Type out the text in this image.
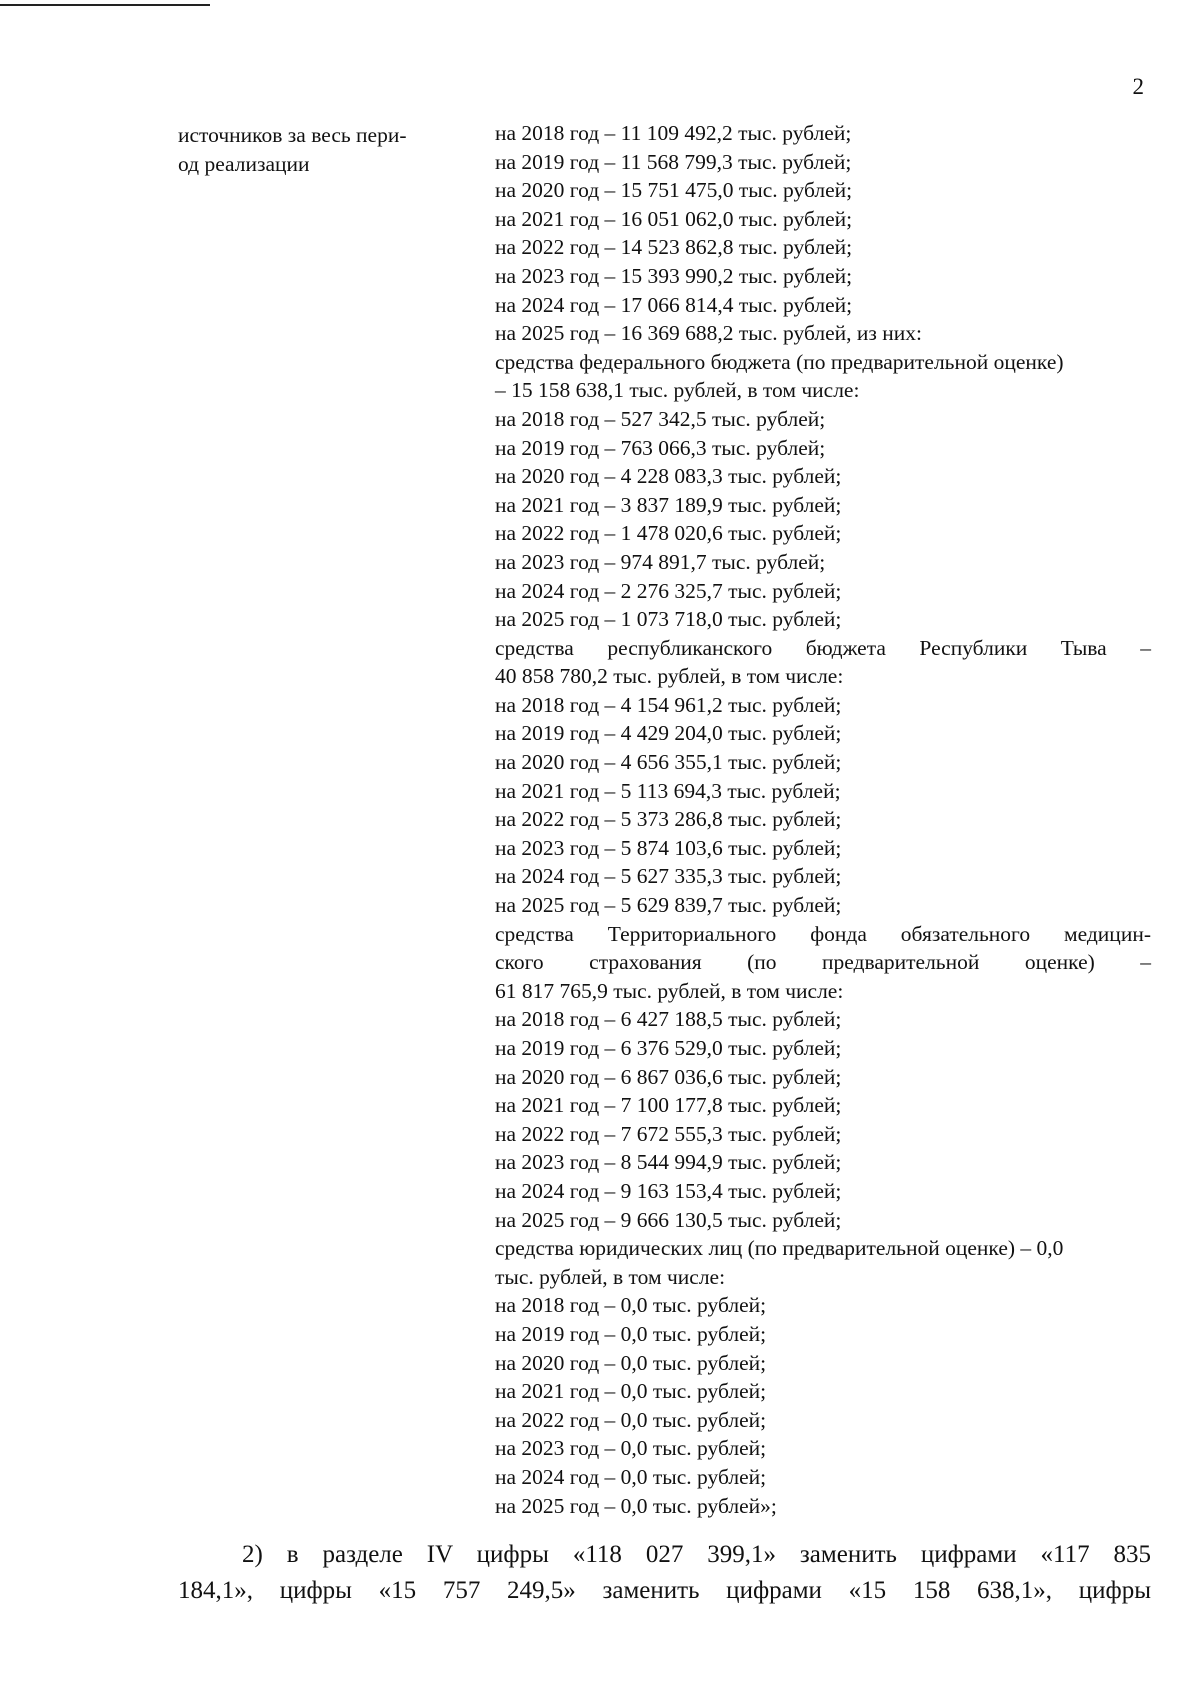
2
источников за весь пери-
од реализации
на 2018 год – 11 109 492,2 тыс. рублей;
на 2019 год – 11 568 799,3 тыс. рублей;
на 2020 год – 15 751 475,0 тыс. рублей;
на 2021 год – 16 051 062,0 тыс. рублей;
на 2022 год – 14 523 862,8 тыс. рублей;
на 2023 год – 15 393 990,2 тыс. рублей;
на 2024 год – 17 066 814,4 тыс. рублей;
на 2025 год – 16 369 688,2 тыс. рублей, из них:
средства федерального бюджета (по предварительной оценке)
– 15 158 638,1 тыс. рублей, в том числе:
на 2018 год – 527 342,5 тыс. рублей;
на 2019 год – 763 066,3 тыс. рублей;
на 2020 год – 4 228 083,3 тыс. рублей;
на 2021 год – 3 837 189,9 тыс. рублей;
на 2022 год – 1 478 020,6 тыс. рублей;
на 2023 год – 974 891,7 тыс. рублей;
на 2024 год – 2 276 325,7 тыс. рублей;
на 2025 год – 1 073 718,0 тыс. рублей;
средства республиканского бюджета Республики Тыва –
40 858 780,2 тыс. рублей, в том числе:
на 2018 год – 4 154 961,2 тыс. рублей;
на 2019 год – 4 429 204,0 тыс. рублей;
на 2020 год – 4 656 355,1 тыс. рублей;
на 2021 год – 5 113 694,3 тыс. рублей;
на 2022 год – 5 373 286,8 тыс. рублей;
на 2023 год – 5 874 103,6 тыс. рублей;
на 2024 год – 5 627 335,3 тыс. рублей;
на 2025 год – 5 629 839,7 тыс. рублей;
средства Территориального фонда обязательного медицин-
ского страхования (по предварительной оценке) –
61 817 765,9 тыс. рублей, в том числе:
на 2018 год – 6 427 188,5 тыс. рублей;
на 2019 год – 6 376 529,0 тыс. рублей;
на 2020 год – 6 867 036,6 тыс. рублей;
на 2021 год – 7 100 177,8 тыс. рублей;
на 2022 год – 7 672 555,3 тыс. рублей;
на 2023 год – 8 544 994,9 тыс. рублей;
на 2024 год – 9 163 153,4 тыс. рублей;
на 2025 год – 9 666 130,5 тыс. рублей;
средства юридических лиц (по предварительной оценке) – 0,0
тыс. рублей, в том числе:
на 2018 год – 0,0 тыс. рублей;
на 2019 год – 0,0 тыс. рублей;
на 2020 год – 0,0 тыс. рублей;
на 2021 год – 0,0 тыс. рублей;
на 2022 год – 0,0 тыс. рублей;
на 2023 год – 0,0 тыс. рублей;
на 2024 год – 0,0 тыс. рублей;
на 2025 год – 0,0 тыс. рублей»;
2) в разделе IV цифры «118 027 399,1» заменить цифрами «117 835
184,1», цифры «15 757 249,5» заменить цифрами «15 158 638,1», цифры
